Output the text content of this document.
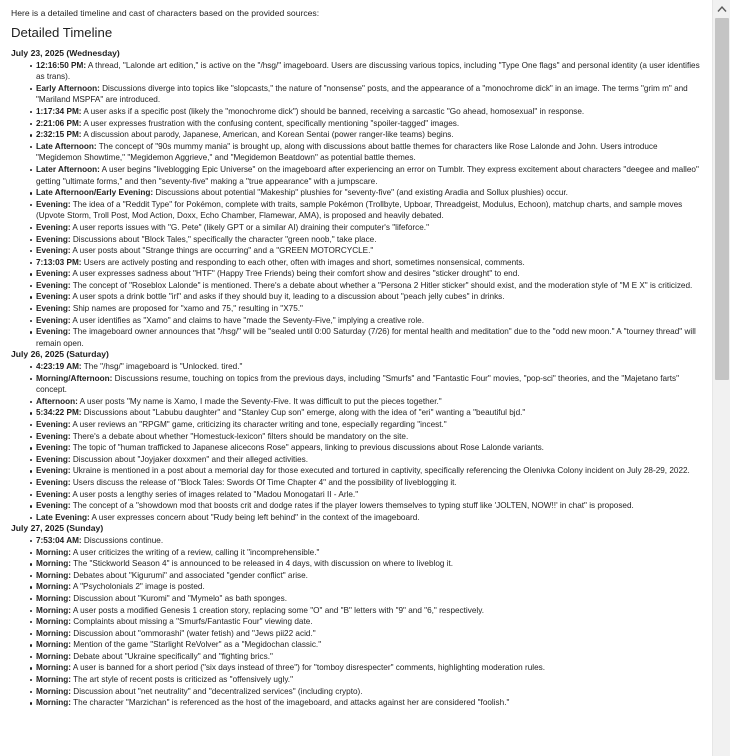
Here is a detailed timeline and cast of characters based on the provided sources:

Detailed Timeline
July 23, 2025 (Wednesday)
12:16:50 PM: A thread, "Lalonde art edition," is active on the "/hsg/" imageboard. Users are discussing various topics, including "Type One flags" and personal identity (a user identifies as trans).
Early Afternoon: Discussions diverge into topics like "slopcasts," the nature of "nonsense" posts, and the appearance of a "monochrome dick" in an image. The terms "grim m" and "Mariland MSPFA" are introduced.
1:17:34 PM: A user asks if a specific post (likely the "monochrome dick") should be banned, receiving a sarcastic "Go ahead, homosexual" in response.
2:21:06 PM: A user expresses frustration with the confusing content, specifically mentioning "spoiler-tagged" images.
2:32:15 PM: A discussion about parody, Japanese, American, and Korean Sentai (power ranger-like teams) begins.
Late Afternoon: The concept of "90s mummy mania" is brought up, along with discussions about battle themes for characters like Rose Lalonde and John. Users introduce "Megidemon Showtime," "Megidemon Aggrieve," and "Megidemon Beatdown" as potential battle themes.
Later Afternoon: A user begins "liveblogging Epic Universe" on the imageboard after experiencing an error on Tumblr. They express excitement about characters "deegee and malleo" getting "ultimate forms," and then "seventy-five" making a "true appearance" with a jumpscare.
Late Afternoon/Early Evening: Discussions about potential "Makeship" plushies for "seventy-five" (and existing Aradia and Sollux plushies) occur.
Evening: The idea of a "Reddit Type" for Pokémon, complete with traits, sample Pokémon (Trollbyte, Upboar, Threadgeist, Modulus, Echoon), matchup charts, and sample moves (Upvote Storm, Troll Post, Mod Action, Doxx, Echo Chamber, Flamewar, AMA), is proposed and heavily debated.
Evening: A user reports issues with "G. Pete" (likely GPT or a similar AI) draining their computer's "lifeforce."
Evening: Discussions about "Block Tales," specifically the character "green noob," take place.
Evening: A user posts about "Strange things are occurring" and a "GREEN MOTORCYCLE."
7:13:03 PM: Users are actively posting and responding to each other, often with images and short, sometimes nonsensical, comments.
Evening: A user expresses sadness about "HTF" (Happy Tree Friends) being their comfort show and desires "sticker drought" to end.
Evening: The concept of "Roseblox Lalonde" is mentioned. There's a debate about whether a "Persona 2 Hitler sticker" should exist, and the moderation style of "M E X" is criticized.
Evening: A user spots a drink bottle "irl" and asks if they should buy it, leading to a discussion about "peach jelly cubes" in drinks.
Evening: Ship names are proposed for "xamo and 75," resulting in "X75."
Evening: A user identifies as "Xamo" and claims to have "made the Seventy-Five," implying a creative role.
Evening: The imageboard owner announces that "/hsg/" will be "sealed until 0:00 Saturday (7/26) for mental health and meditation" due to the "odd new moon." A "tourney thread" will remain open.
July 26, 2025 (Saturday)
4:23:19 AM: The "/hsg/" imageboard is "Unlocked. tired."
Morning/Afternoon: Discussions resume, touching on topics from the previous days, including "Smurfs" and "Fantastic Four" movies, "pop-sci" theories, and the "Majetano farts" concept.
Afternoon: A user posts "My name is Xamo, I made the Seventy-Five. It was difficult to put the pieces together."
5:34:22 PM: Discussions about "Labubu daughter" and "Stanley Cup son" emerge, along with the idea of "eri" wanting a "beautiful bjd."
Evening: A user reviews an "RPGM" game, criticizing its character writing and tone, especially regarding "incest."
Evening: There's a debate about whether "Homestuck-lexicon" filters should be mandatory on the site.
Evening: The topic of "human trafficked to Japanese alicecons Rose" appears, linking to previous discussions about Rose Lalonde variants.
Evening: Discussion about "Joyjaker doxxmen" and their alleged activities.
Evening: Ukraine is mentioned in a post about a memorial day for those executed and tortured in captivity, specifically referencing the Olenivka Colony incident on July 28-29, 2022.
Evening: Users discuss the release of "Block Tales: Swords Of Time Chapter 4" and the possibility of liveblogging it.
Evening: A user posts a lengthy series of images related to "Madou Monogatari II - Arle."
Evening: The concept of a "showdown mod that boosts crit and dodge rates if the player lowers themselves to typing stuff like 'JOLTEN, NOW!!' in chat" is proposed.
Late Evening: A user expresses concern about "Rudy being left behind" in the context of the imageboard.
July 27, 2025 (Sunday)
7:53:04 AM: Discussions continue.
Morning: A user criticizes the writing of a review, calling it "incomprehensible."
Morning: The "Stickworld Season 4" is announced to be released in 4 days, with discussion on where to liveblog it.
Morning: Debates about "Kigurumi" and associated "gender conflict" arise.
Morning: A "Psycholonials 2" image is posted.
Morning: Discussion about "Kuromi" and "Mymelo" as bath sponges.
Morning: A user posts a modified Genesis 1 creation story, replacing some "O" and "B" letters with "9" and "6," respectively.
Morning: Complaints about missing a "Smurfs/Fantastic Four" viewing date.
Morning: Discussion about "ommorashi" (water fetish) and "Jews pii22 acid."
Morning: Mention of the game "Starlight ReVolver" as a "Megidochan classic."
Morning: Debate about "Ukraine specifically" and "fighting brics."
Morning: A user is banned for a short period ("six days instead of three") for "tomboy disrespecter" comments, highlighting moderation rules.
Morning: The art style of recent posts is criticized as "offensively ugly."
Morning: Discussion about "net neutrality" and "decentralized services" (including crypto).
Morning: The character "Marzichan" is referenced as the host of the imageboard, and attacks against her are considered "foolish."
